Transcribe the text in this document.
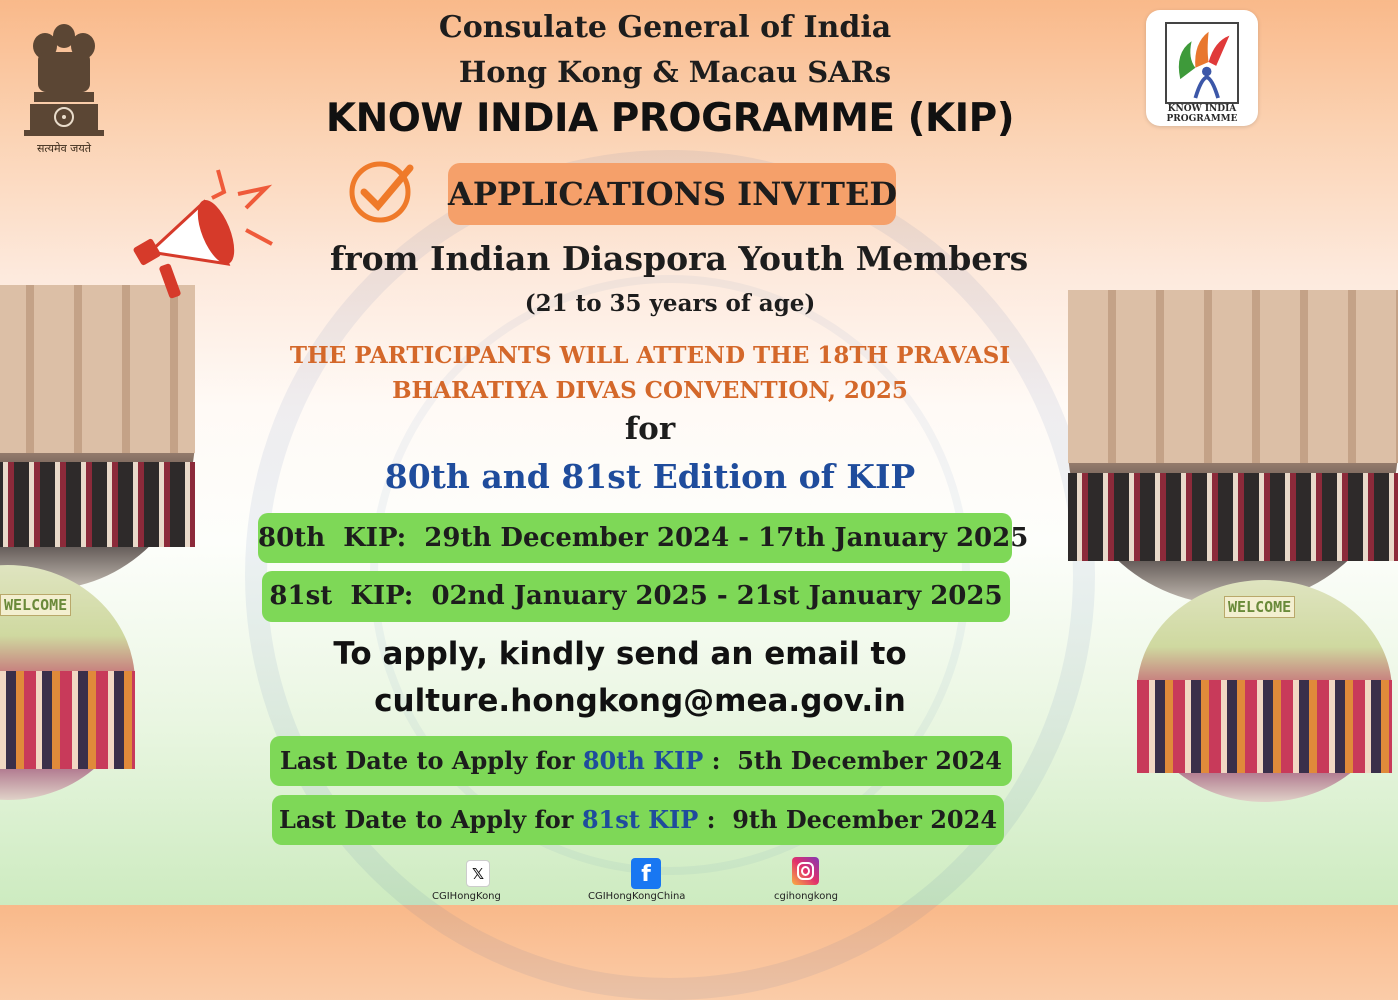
WELCOME	WELCOME
सत्यमेव जयते
KNOW INDIA
PROGRAMME
Consulate General of India
Hong Kong & Macau SARs
KNOW INDIA PROGRAMME (KIP)
APPLICATIONS INVITED
from Indian Diaspora Youth Members
(21 to 35 years of age)
THE PARTICIPANTS WILL ATTEND THE 18TH PRAVASI
BHARATIYA DIVAS CONVENTION, 2025
for
80th and 81st Edition of KIP
80th  KIP:  29th December 2024 - 17th January 2025
81st  KIP:  02nd January 2025 - 21st January 2025
To apply, kindly send an email to
culture.hongkong@mea.gov.in
Last Date to Apply for 80th KIP :  5th December 2024
Last Date to Apply for 81st KIP :  9th December 2024
𝕏
CGIHongKong
f
CGIHongKongChina	cgihongkong
